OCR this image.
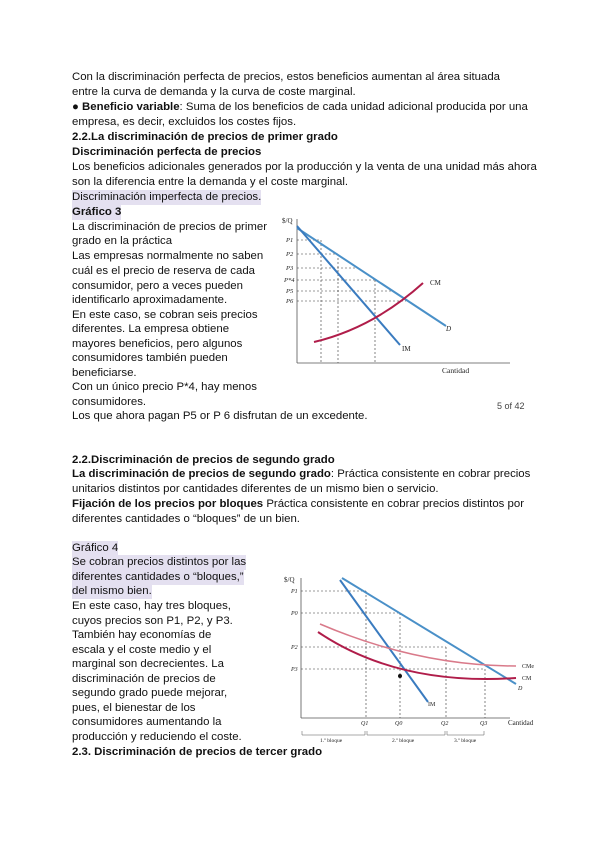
Con la discriminación perfecta de precios, estos beneficios aumentan al área situada
entre la curva de demanda y la curva de coste marginal.
● Beneficio variable: Suma de los beneficios de cada unidad adicional producida por una
empresa, es decir, excluidos los costes fijos.
2.2.La discriminación de precios de primer grado
Discriminación perfecta de precios
Los beneficios adicionales generados por la producción y la venta de una unidad más ahora
son la diferencia entre la demanda y el coste marginal.
Discriminación imperfecta de precios.
Gráfico 3
La discriminación de precios de primer
grado en la práctica
Las empresas normalmente no saben
cuál es el precio de reserva de cada
consumidor, pero a veces pueden
identificarlo aproximadamente.
En este caso, se cobran seis precios
diferentes. La empresa obtiene
mayores beneficios, pero algunos
consumidores también pueden
beneficiarse.
Con un único precio P*4, hay menos
consumidores.
Los que ahora pagan P5 or P 6 disfrutan de un excedente.
5 of 42
$/Q
Cantidad
P1
P2
P3
P*4
P5
P6
CM
D
IM
2.2.Discriminación de precios de segundo grado
La discriminación de precios de segundo grado: Práctica consistente en cobrar precios
unitarios distintos por cantidades diferentes de un mismo bien o servicio.
Fijación de los precios por bloques Práctica consistente en cobrar precios distintos por
diferentes cantidades o “bloques” de un bien.
Gráfico 4
Se cobran precios distintos por las
diferentes cantidades o “bloques,”
del mismo bien.
En este caso, hay tres bloques,
cuyos precios son P1, P2, y P3.
También hay economías de
escala y el coste medio y el
marginal son decrecientes. La
discriminación de precios de
segundo grado puede mejorar,
pues, el bienestar de los
consumidores aumentando la
producción y reduciendo el coste.
$/Q
Cantidad
P1
P0
P2
P3
Q1	Q0	Q2	Q3
1.º bloque	2.º bloque	3.º bloque
CMe
CM
D
IM
2.3. Discriminación de precios de tercer grado
